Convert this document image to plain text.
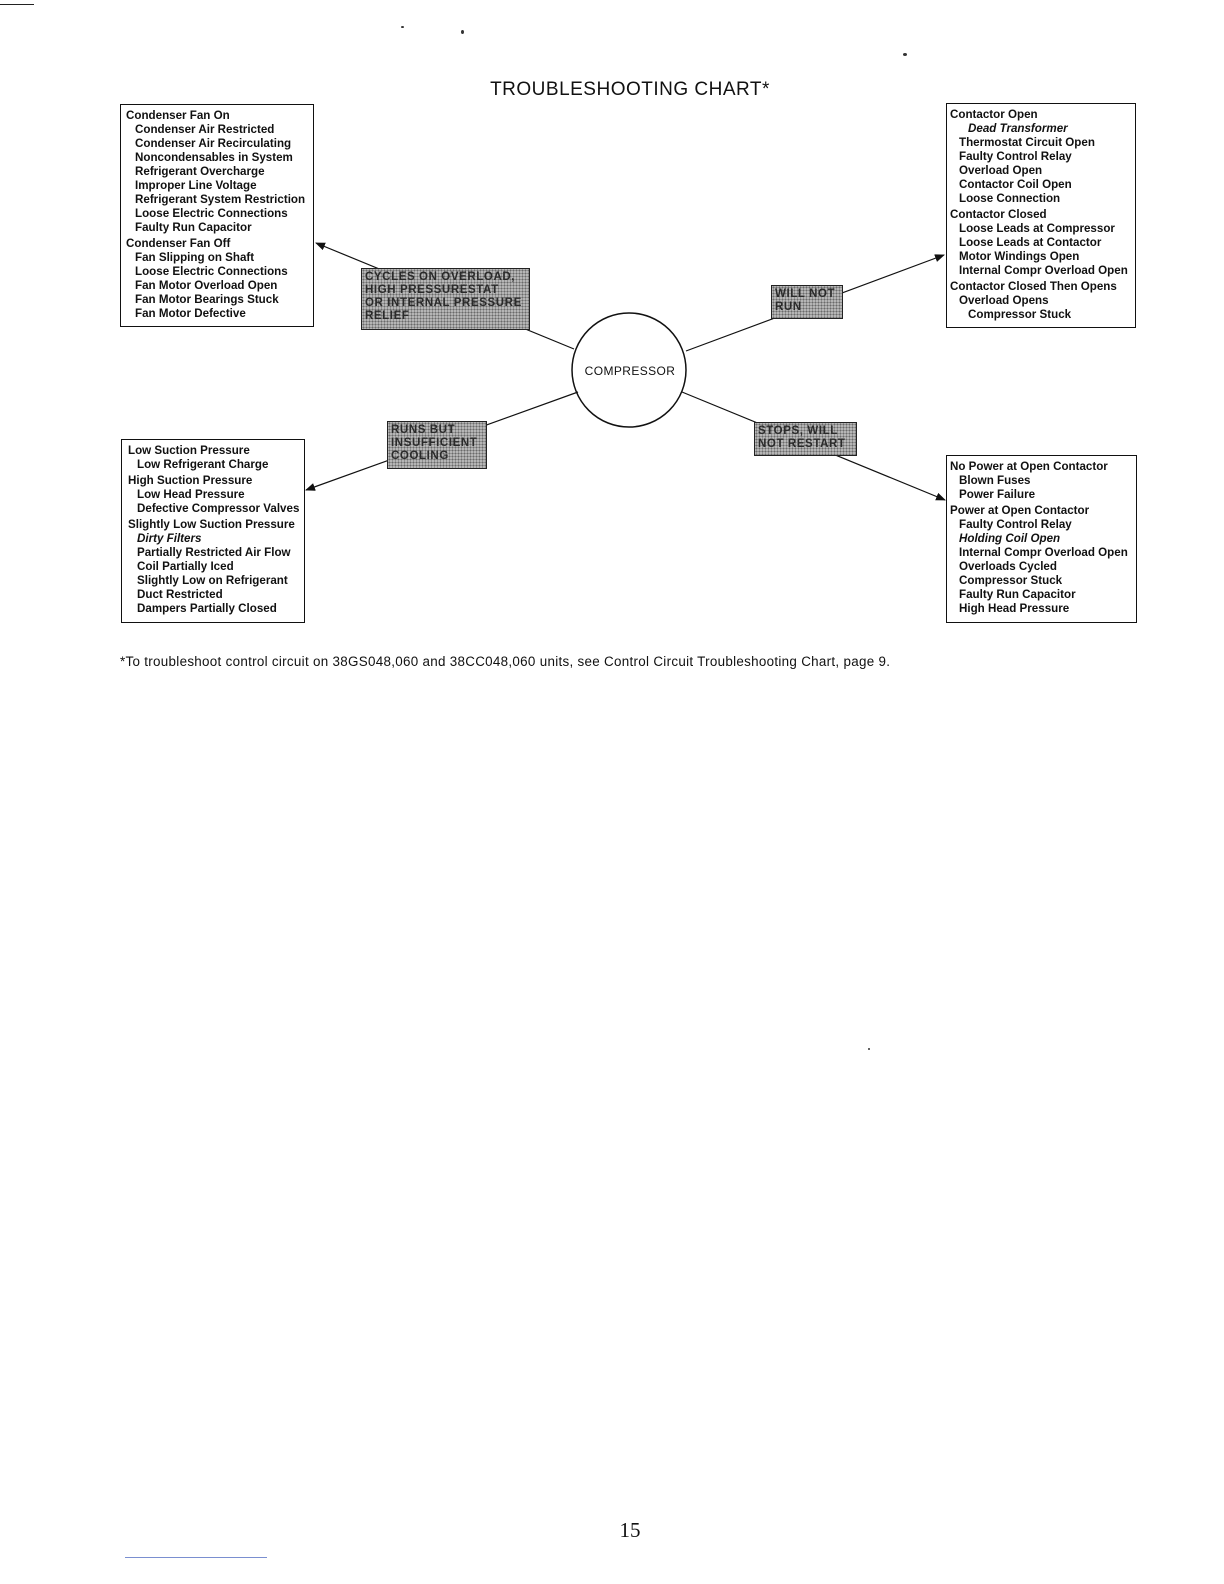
TROUBLESHOOTING CHART*
COMPRESSOR
Condenser Fan On
Condenser Air Restricted
Condenser Air Recirculating
Noncondensables in System
Refrigerant Overcharge
Improper Line Voltage
Refrigerant System Restriction
Loose Electric Connections
Faulty Run Capacitor
Condenser Fan Off
Fan Slipping on Shaft
Loose Electric Connections
Fan Motor Overload Open
Fan Motor Bearings Stuck
Fan Motor Defective
Contactor Open
Dead Transformer
Thermostat Circuit Open
Faulty Control Relay
Overload Open
Contactor Coil Open
Loose Connection
Contactor Closed
Loose Leads at Compressor
Loose Leads at Contactor
Motor Windings Open
Internal Compr Overload Open
Contactor Closed Then Opens
Overload Opens
Compressor Stuck
Low Suction Pressure
Low Refrigerant Charge
High Suction Pressure
Low Head Pressure
Defective Compressor Valves
Slightly Low Suction Pressure
Dirty Filters
Partially Restricted Air Flow
Coil Partially Iced
Slightly Low on Refrigerant
Duct Restricted
Dampers Partially Closed
No Power at Open Contactor
Blown Fuses
Power Failure
Power at Open Contactor
Faulty Control Relay
Holding Coil Open
Internal Compr Overload Open
Overloads Cycled
Compressor Stuck
Faulty Run Capacitor
High Head Pressure
CYCLES ON OVERLOAD,
HIGH PRESSURESTAT
OR INTERNAL PRESSURE
RELIEF
WILL NOT
RUN
RUNS BUT
INSUFFICIENT
COOLING
STOPS, WILL
NOT RESTART
*To troubleshoot control circuit on 38GS048,060 and 38CC048,060 units, see Control Circuit Troubleshooting Chart, page 9.
15
